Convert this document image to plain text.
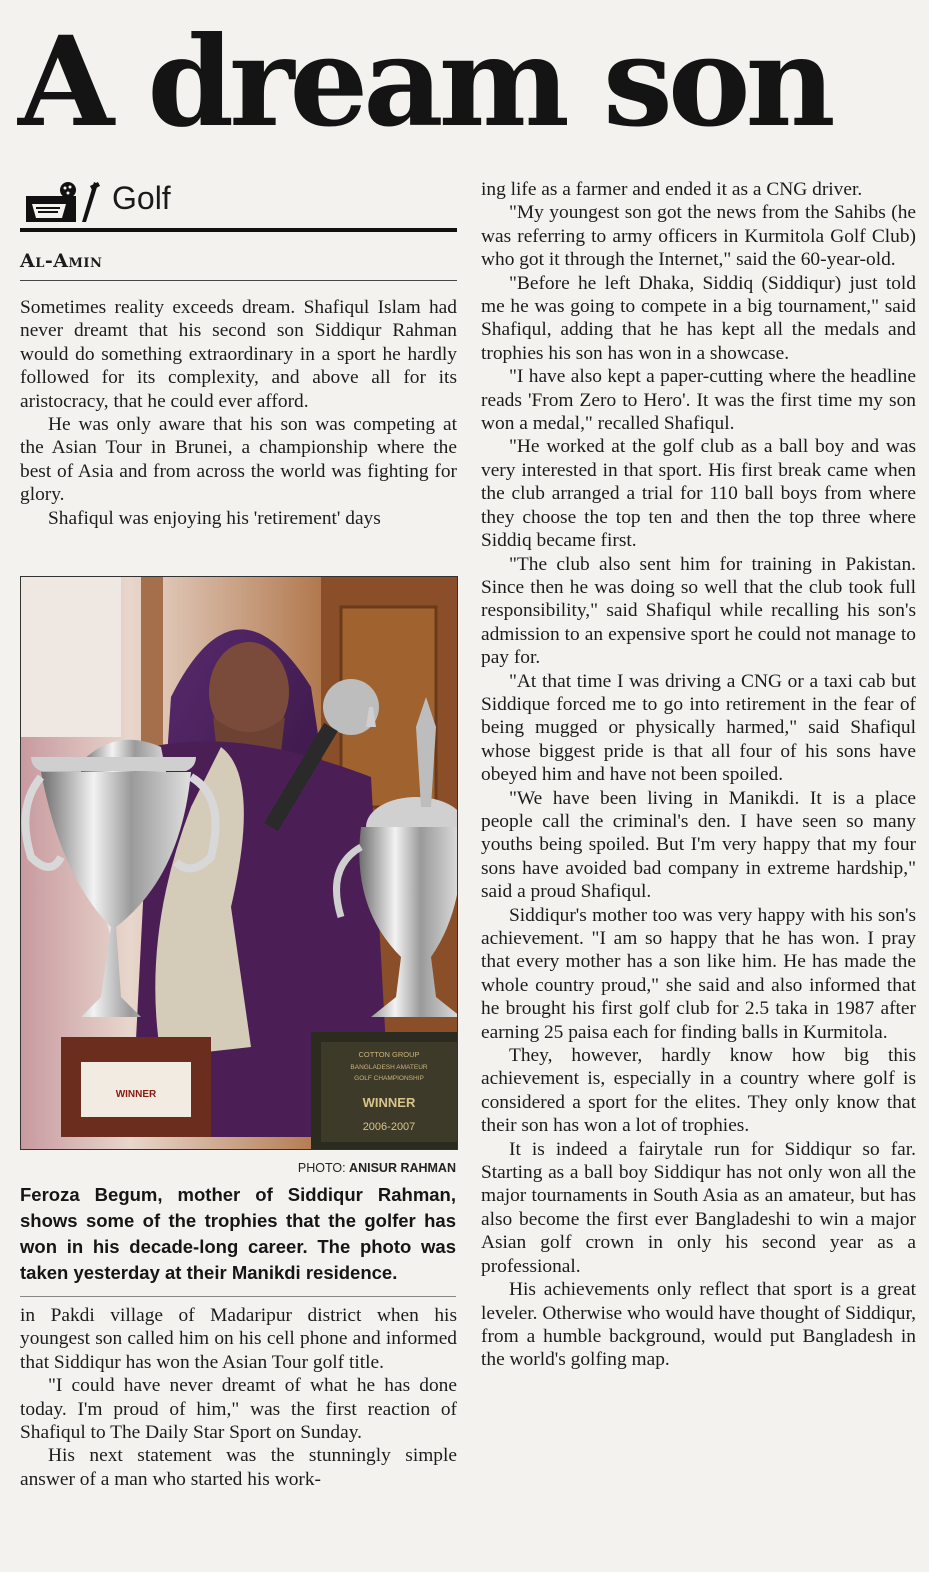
A dream son
Golf
Al-Amin

Sometimes reality exceeds dream. Shafiqul Islam had never dreamt that his second son Siddiqur Rahman would do something extraordinary in a sport he hardly followed for its complexity, and above all for its aristocracy, that he could ever afford.

He was only aware that his son was competing at the Asian Tour in Brunei, a championship where the best of Asia and from across the world was fighting for glory.

Shafiqul was enjoying his 'retirement' days

WINNER
COTTON GROUP
BANGLADESH AMATEUR
GOLF CHAMPIONSHIP
WINNER
2006-2007
PHOTO: ANISUR RAHMAN
Feroza Begum, mother of Siddiqur Rahman, shows some of the trophies that the golfer has won in his decade-long career. The photo was taken yesterday at their Manikdi residence.

in Pakdi village of Madaripur district when his youngest son called him on his cell phone and informed that Siddiqur has won the Asian Tour golf title.

"I could have never dreamt of what he has done today. I'm proud of him," was the first reaction of Shafiqul to The Daily Star Sport on Sunday.

His next statement was the stunningly simple answer of a man who started his work-

ing life as a farmer and ended it as a CNG driver.

"My youngest son got the news from the Sahibs (he was referring to army officers in Kurmitola Golf Club) who got it through the Internet," said the 60-year-old.

"Before he left Dhaka, Siddiq (Siddiqur) just told me he was going to compete in a big tournament," said Shafiqul, adding that he has kept all the medals and trophies his son has won in a showcase.

"I have also kept a paper-cutting where the headline reads 'From Zero to Hero'. It was the first time my son won a medal," recalled Shafiqul.

"He worked at the golf club as a ball boy and was very interested in that sport. His first break came when the club arranged a trial for 110 ball boys from where they choose the top ten and then the top three where Siddiq became first.

"The club also sent him for training in Pakistan. Since then he was doing so well that the club took full responsibility," said Shafiqul while recalling his son's admission to an expensive sport he could not manage to pay for.

"At that time I was driving a CNG or a taxi cab but Siddique forced me to go into retirement in the fear of being mugged or physically harmed," said Shafiqul whose biggest pride is that all four of his sons have obeyed him and have not been spoiled.

"We have been living in Manikdi. It is a place people call the criminal's den. I have seen so many youths being spoiled. But I'm very happy that my four sons have avoided bad company in extreme hardship," said a proud Shafiqul.

Siddiqur's mother too was very happy with his son's achievement. "I am so happy that he has won. I pray that every mother has a son like him. He has made the whole country proud," she said and also informed that he brought his first golf club for 2.5 taka in 1987 after earning 25 paisa each for finding balls in Kurmitola.

They, however, hardly know how big this achievement is, especially in a country where golf is considered a sport for the elites. They only know that their son has won a lot of trophies.

It is indeed a fairytale run for Siddiqur so far. Starting as a ball boy Siddiqur has not only won all the major tournaments in South Asia as an amateur, but has also become the first ever Bangladeshi to win a major Asian golf crown in only his second year as a professional.

His achievements only reflect that sport is a great leveler. Otherwise who would have thought of Siddiqur, from a humble background, would put Bangladesh in the world's golfing map.
